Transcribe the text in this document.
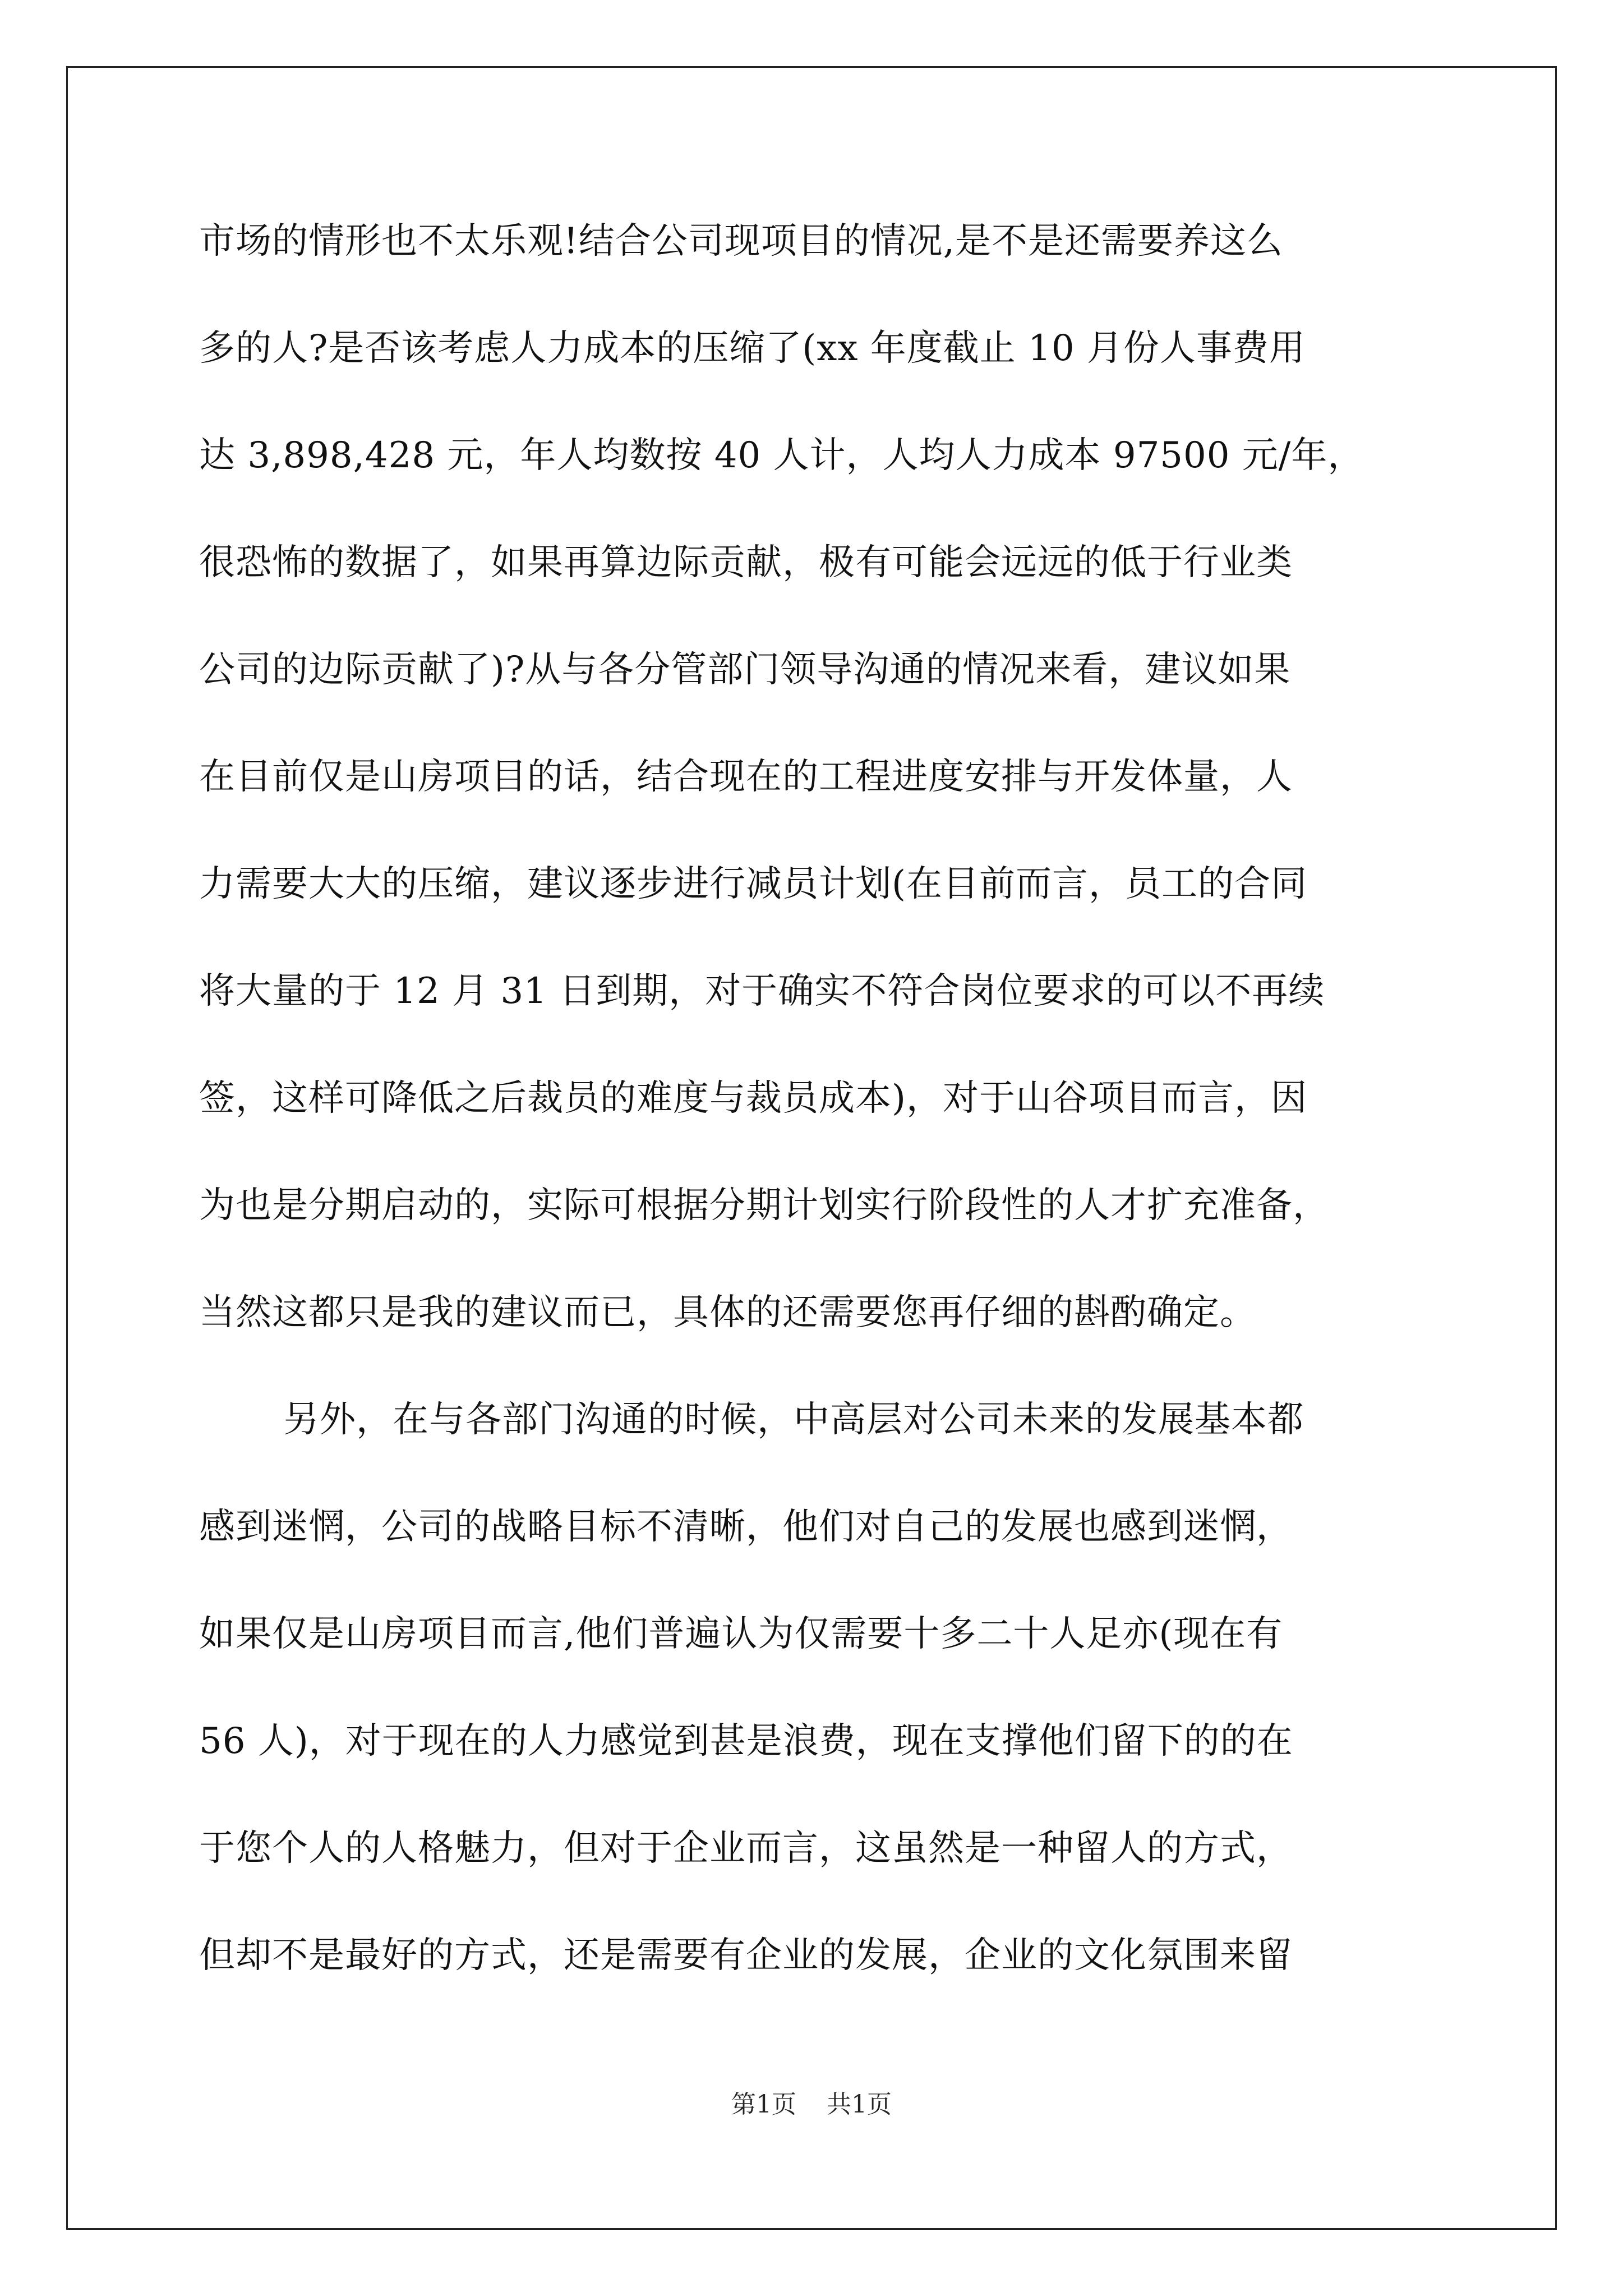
市场的情形也不太乐观!结合公司现项目的情况,是不是还需要养这么
多的人?是否该考虑人力成本的压缩了(xx 年度截止 10 月份人事费用
达 3,898,428 元，年人均数按 40 人计，人均人力成本 97500 元/年，
很恐怖的数据了，如果再算边际贡献，极有可能会远远的低于行业类
公司的边际贡献了)?从与各分管部门领导沟通的情况来看，建议如果
在目前仅是山房项目的话，结合现在的工程进度安排与开发体量，人
力需要大大的压缩，建议逐步进行减员计划(在目前而言，员工的合同
将大量的于 12 月 31 日到期，对于确实不符合岗位要求的可以不再续
签，这样可降低之后裁员的难度与裁员成本)，对于山谷项目而言，因
为也是分期启动的，实际可根据分期计划实行阶段性的人才扩充准备，
当然这都只是我的建议而已，具体的还需要您再仔细的斟酌确定。
另外，在与各部门沟通的时候，中高层对公司未来的发展基本都
感到迷惘，公司的战略目标不清晰，他们对自己的发展也感到迷惘，
如果仅是山房项目而言,他们普遍认为仅需要十多二十人足亦(现在有
56 人)，对于现在的人力感觉到甚是浪费，现在支撑他们留下的的在
于您个人的人格魅力，但对于企业而言，这虽然是一种留人的方式，
但却不是最好的方式，还是需要有企业的发展，企业的文化氛围来留
第1页 共1页
